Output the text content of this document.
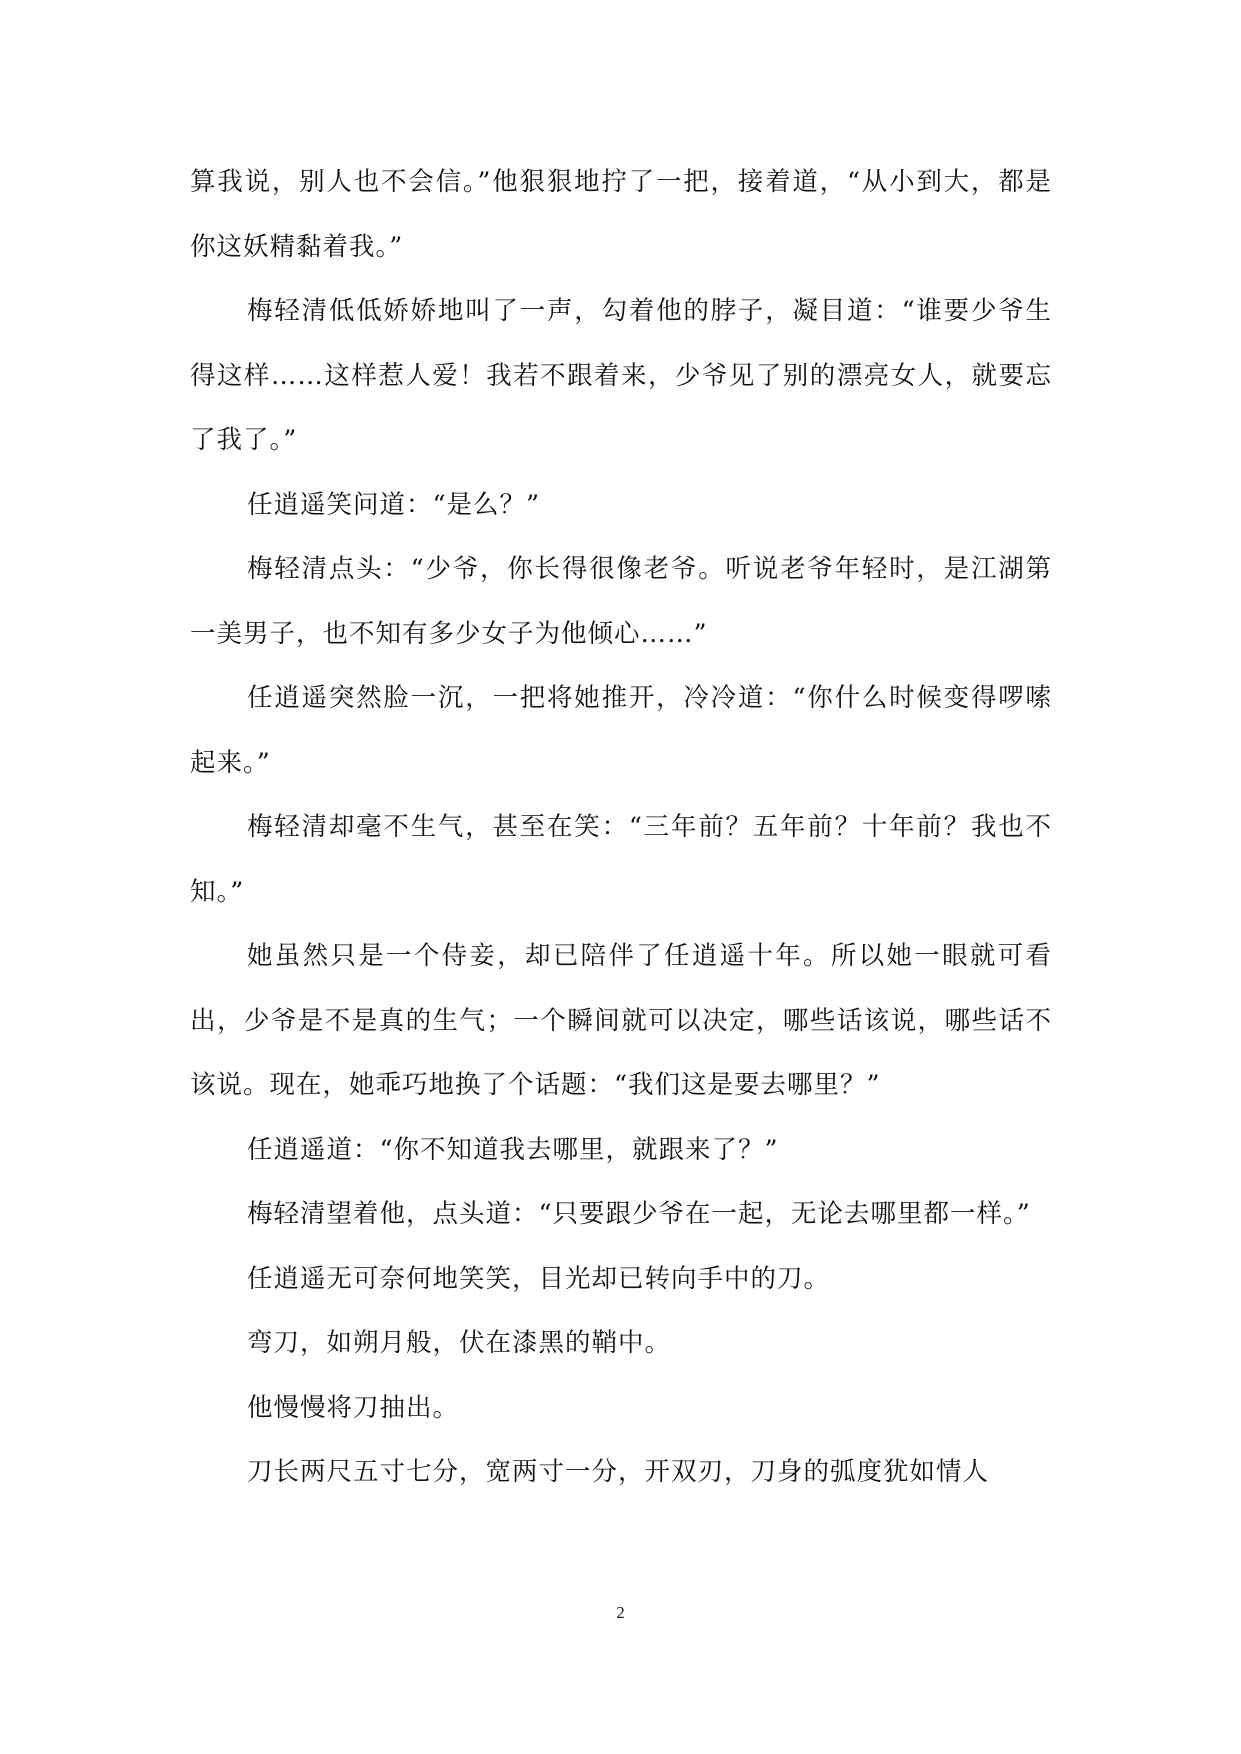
算我说，别人也不会信。”他狠狠地拧了一把，接着道，“从小到大，都是你这妖精黏着我。”

梅轻清低低娇娇地叫了一声，勾着他的脖子，凝目道：“谁要少爷生得这样……这样惹人爱！我若不跟着来，少爷见了别的漂亮女人，就要忘了我了。”

任逍遥笑问道：“是么？”

梅轻清点头：“少爷，你长得很像老爷。听说老爷年轻时，是江湖第一美男子，也不知有多少女子为他倾心……”

任逍遥突然脸一沉，一把将她推开，冷冷道：“你什么时候变得啰嗦起来。”

梅轻清却毫不生气，甚至在笑：“三年前？五年前？十年前？我也不知。”

她虽然只是一个侍妾，却已陪伴了任逍遥十年。所以她一眼就可看出，少爷是不是真的生气；一个瞬间就可以决定，哪些话该说，哪些话不该说。现在，她乖巧地换了个话题：“我们这是要去哪里？”

任逍遥道：“你不知道我去哪里，就跟来了？”

梅轻清望着他，点头道：“只要跟少爷在一起，无论去哪里都一样。”

任逍遥无可奈何地笑笑，目光却已转向手中的刀。

弯刀，如朔月般，伏在漆黑的鞘中。

他慢慢将刀抽出。

刀长两尺五寸七分，宽两寸一分，开双刃，刀身的弧度犹如情人

2
